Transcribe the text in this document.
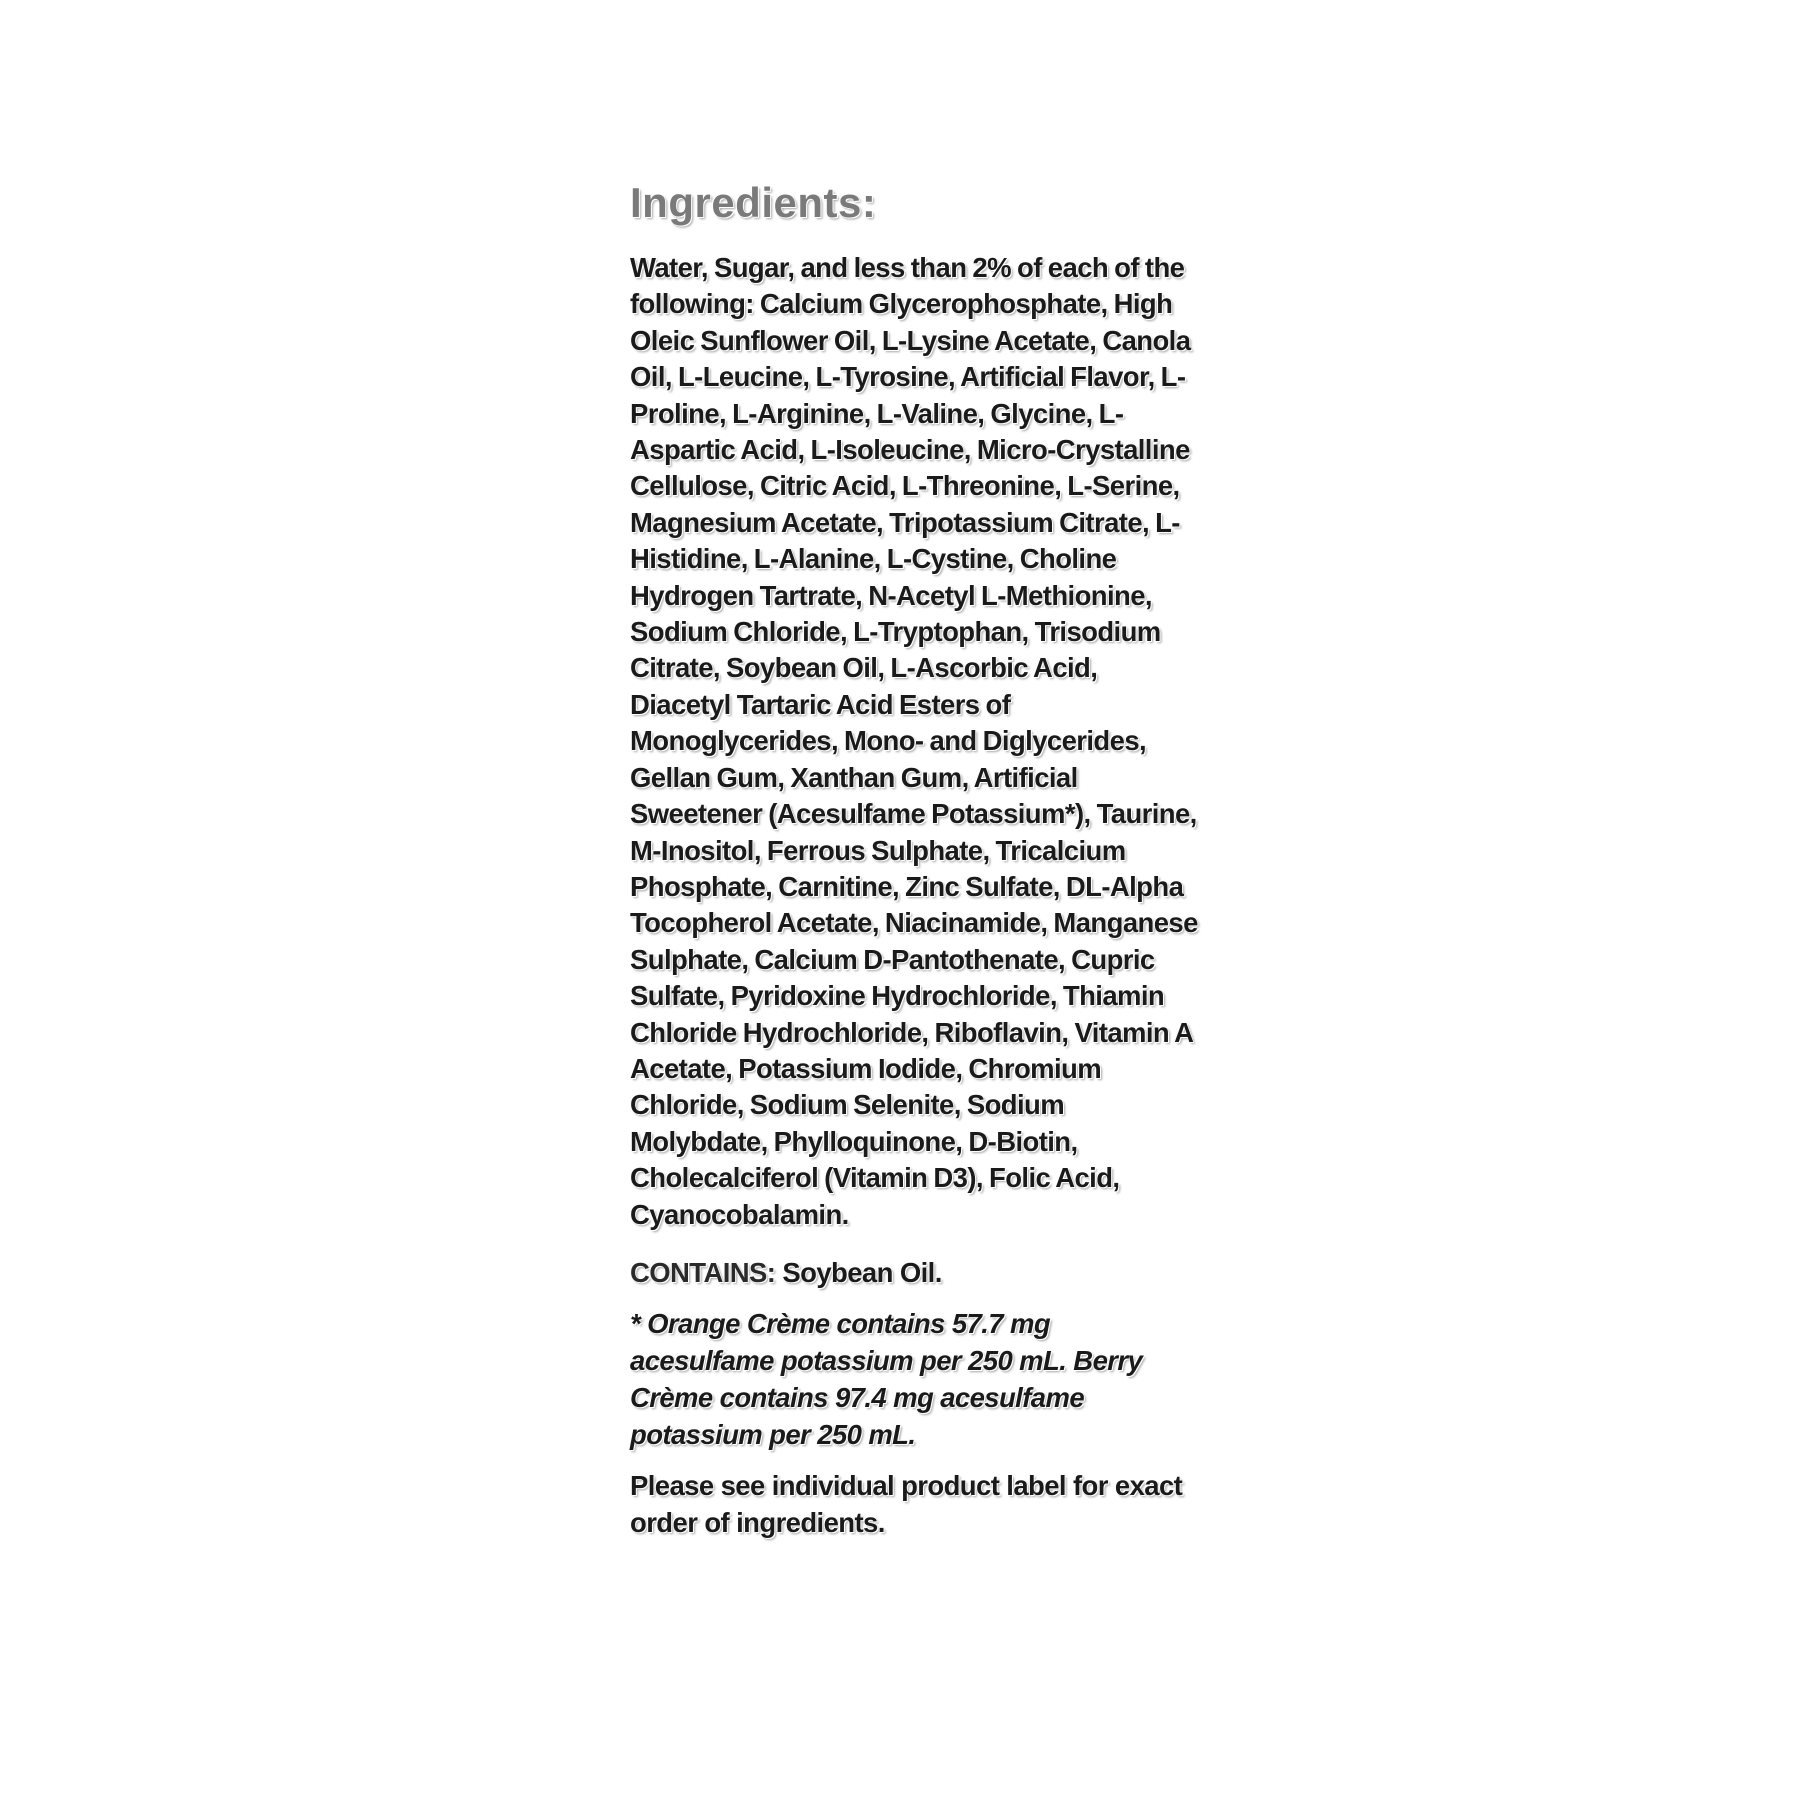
Ingredients:

Water, Sugar, and less than 2% of each of the following: Calcium Glycerophosphate, High Oleic Sunflower Oil, L-Lysine Acetate, Canola Oil, L-Leucine, L-Tyrosine, Artificial Flavor, L-Proline, L-Arginine, L-Valine, Glycine, L-Aspartic Acid, L-Isoleucine, Micro-Crystalline Cellulose, Citric Acid, L-Threonine, L-Serine, Magnesium Acetate, Tripotassium Citrate, L-Histidine, L-Alanine, L-Cystine, Choline Hydrogen Tartrate, N-Acetyl L-Methionine, Sodium Chloride, L-Tryptophan, Trisodium Citrate, Soybean Oil, L-Ascorbic Acid, Diacetyl Tartaric Acid Esters of Monoglycerides, Mono- and Diglycerides, Gellan Gum, Xanthan Gum, Artificial Sweetener (Acesulfame Potassium*), Taurine, M-Inositol, Ferrous Sulphate, Tricalcium Phosphate, Carnitine, Zinc Sulfate, DL-Alpha Tocopherol Acetate, Niacinamide, Manganese Sulphate, Calcium D-Pantothenate, Cupric Sulfate, Pyridoxine Hydrochloride, Thiamin Chloride Hydrochloride, Riboflavin, Vitamin A Acetate, Potassium Iodide, Chromium Chloride, Sodium Selenite, Sodium Molybdate, Phylloquinone, D-Biotin, Cholecalciferol (Vitamin D3), Folic Acid, Cyanocobalamin.

CONTAINS: Soybean Oil.

* Orange Crème contains 57.7 mg acesulfame potassium per 250 mL. Berry Crème contains 97.4 mg acesulfame potassium per 250 mL.

Please see individual product label for exact order of ingredients.
